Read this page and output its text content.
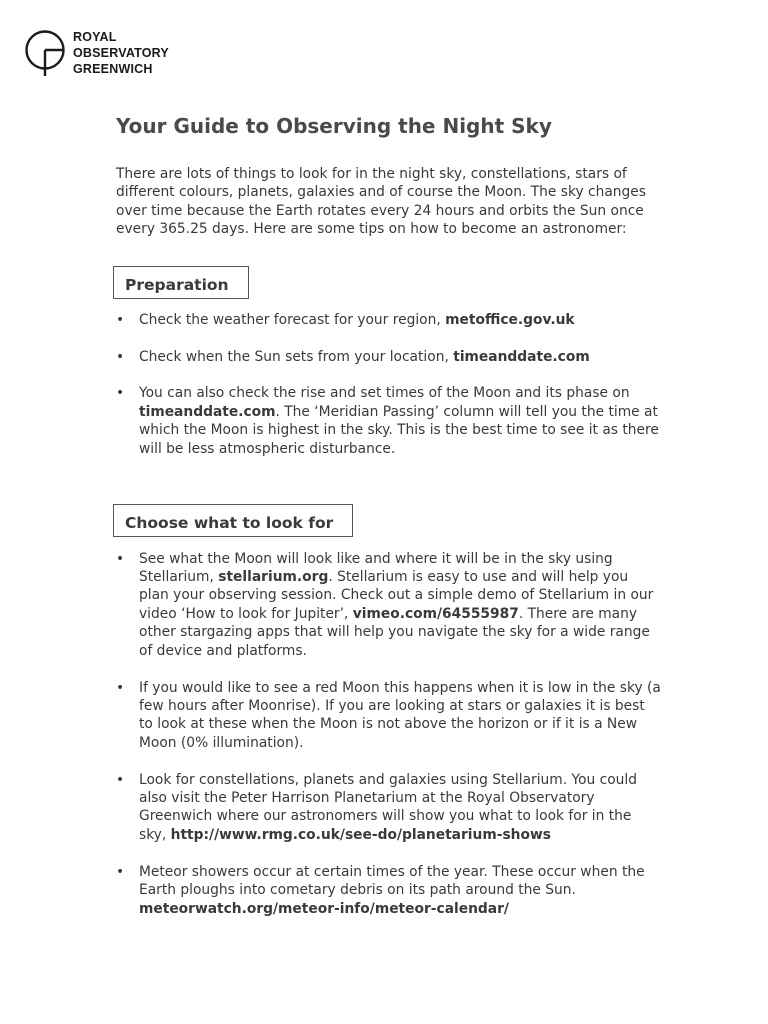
ROYAL
OBSERVATORY
GREENWICH
Your Guide to Observing the Night Sky

There are lots of things to look for in the night sky, constellations, stars of different colours, planets, galaxies and of course the Moon. The sky changes over time because the Earth rotates every 24 hours and orbits the Sun once every 365.25 days. Here are some tips on how to become an astronomer:

Preparation
• Check the weather forecast for your region, metoffice.gov.uk
• Check when the Sun sets from your location, timeanddate.com
• You can also check the rise and set times of the Moon and its phase on timeanddate.com. The ‘Meridian Passing’ column will tell you the time at which the Moon is highest in the sky. This is the best time to see it as there will be less atmospheric disturbance.
Choose what to look for
• See what the Moon will look like and where it will be in the sky using Stellarium, stellarium.org. Stellarium is easy to use and will help you plan your observing session. Check out a simple demo of Stellarium in our video ‘How to look for Jupiter’, vimeo.com/64555987. There are many other stargazing apps that will help you navigate the sky for a wide range of device and platforms.
• If you would like to see a red Moon this happens when it is low in the sky (a few hours after Moonrise). If you are looking at stars or galaxies it is best to look at these when the Moon is not above the horizon or if it is a New Moon (0% illumination).
• Look for constellations, planets and galaxies using Stellarium. You could also visit the Peter Harrison Planetarium at the Royal Observatory Greenwich where our astronomers will show you what to look for in the sky, http://www.rmg.co.uk/see-do/planetarium-shows
• Meteor showers occur at certain times of the year. These occur when the Earth ploughs into cometary debris on its path around the Sun. meteorwatch.org/meteor-info/meteor-calendar/
